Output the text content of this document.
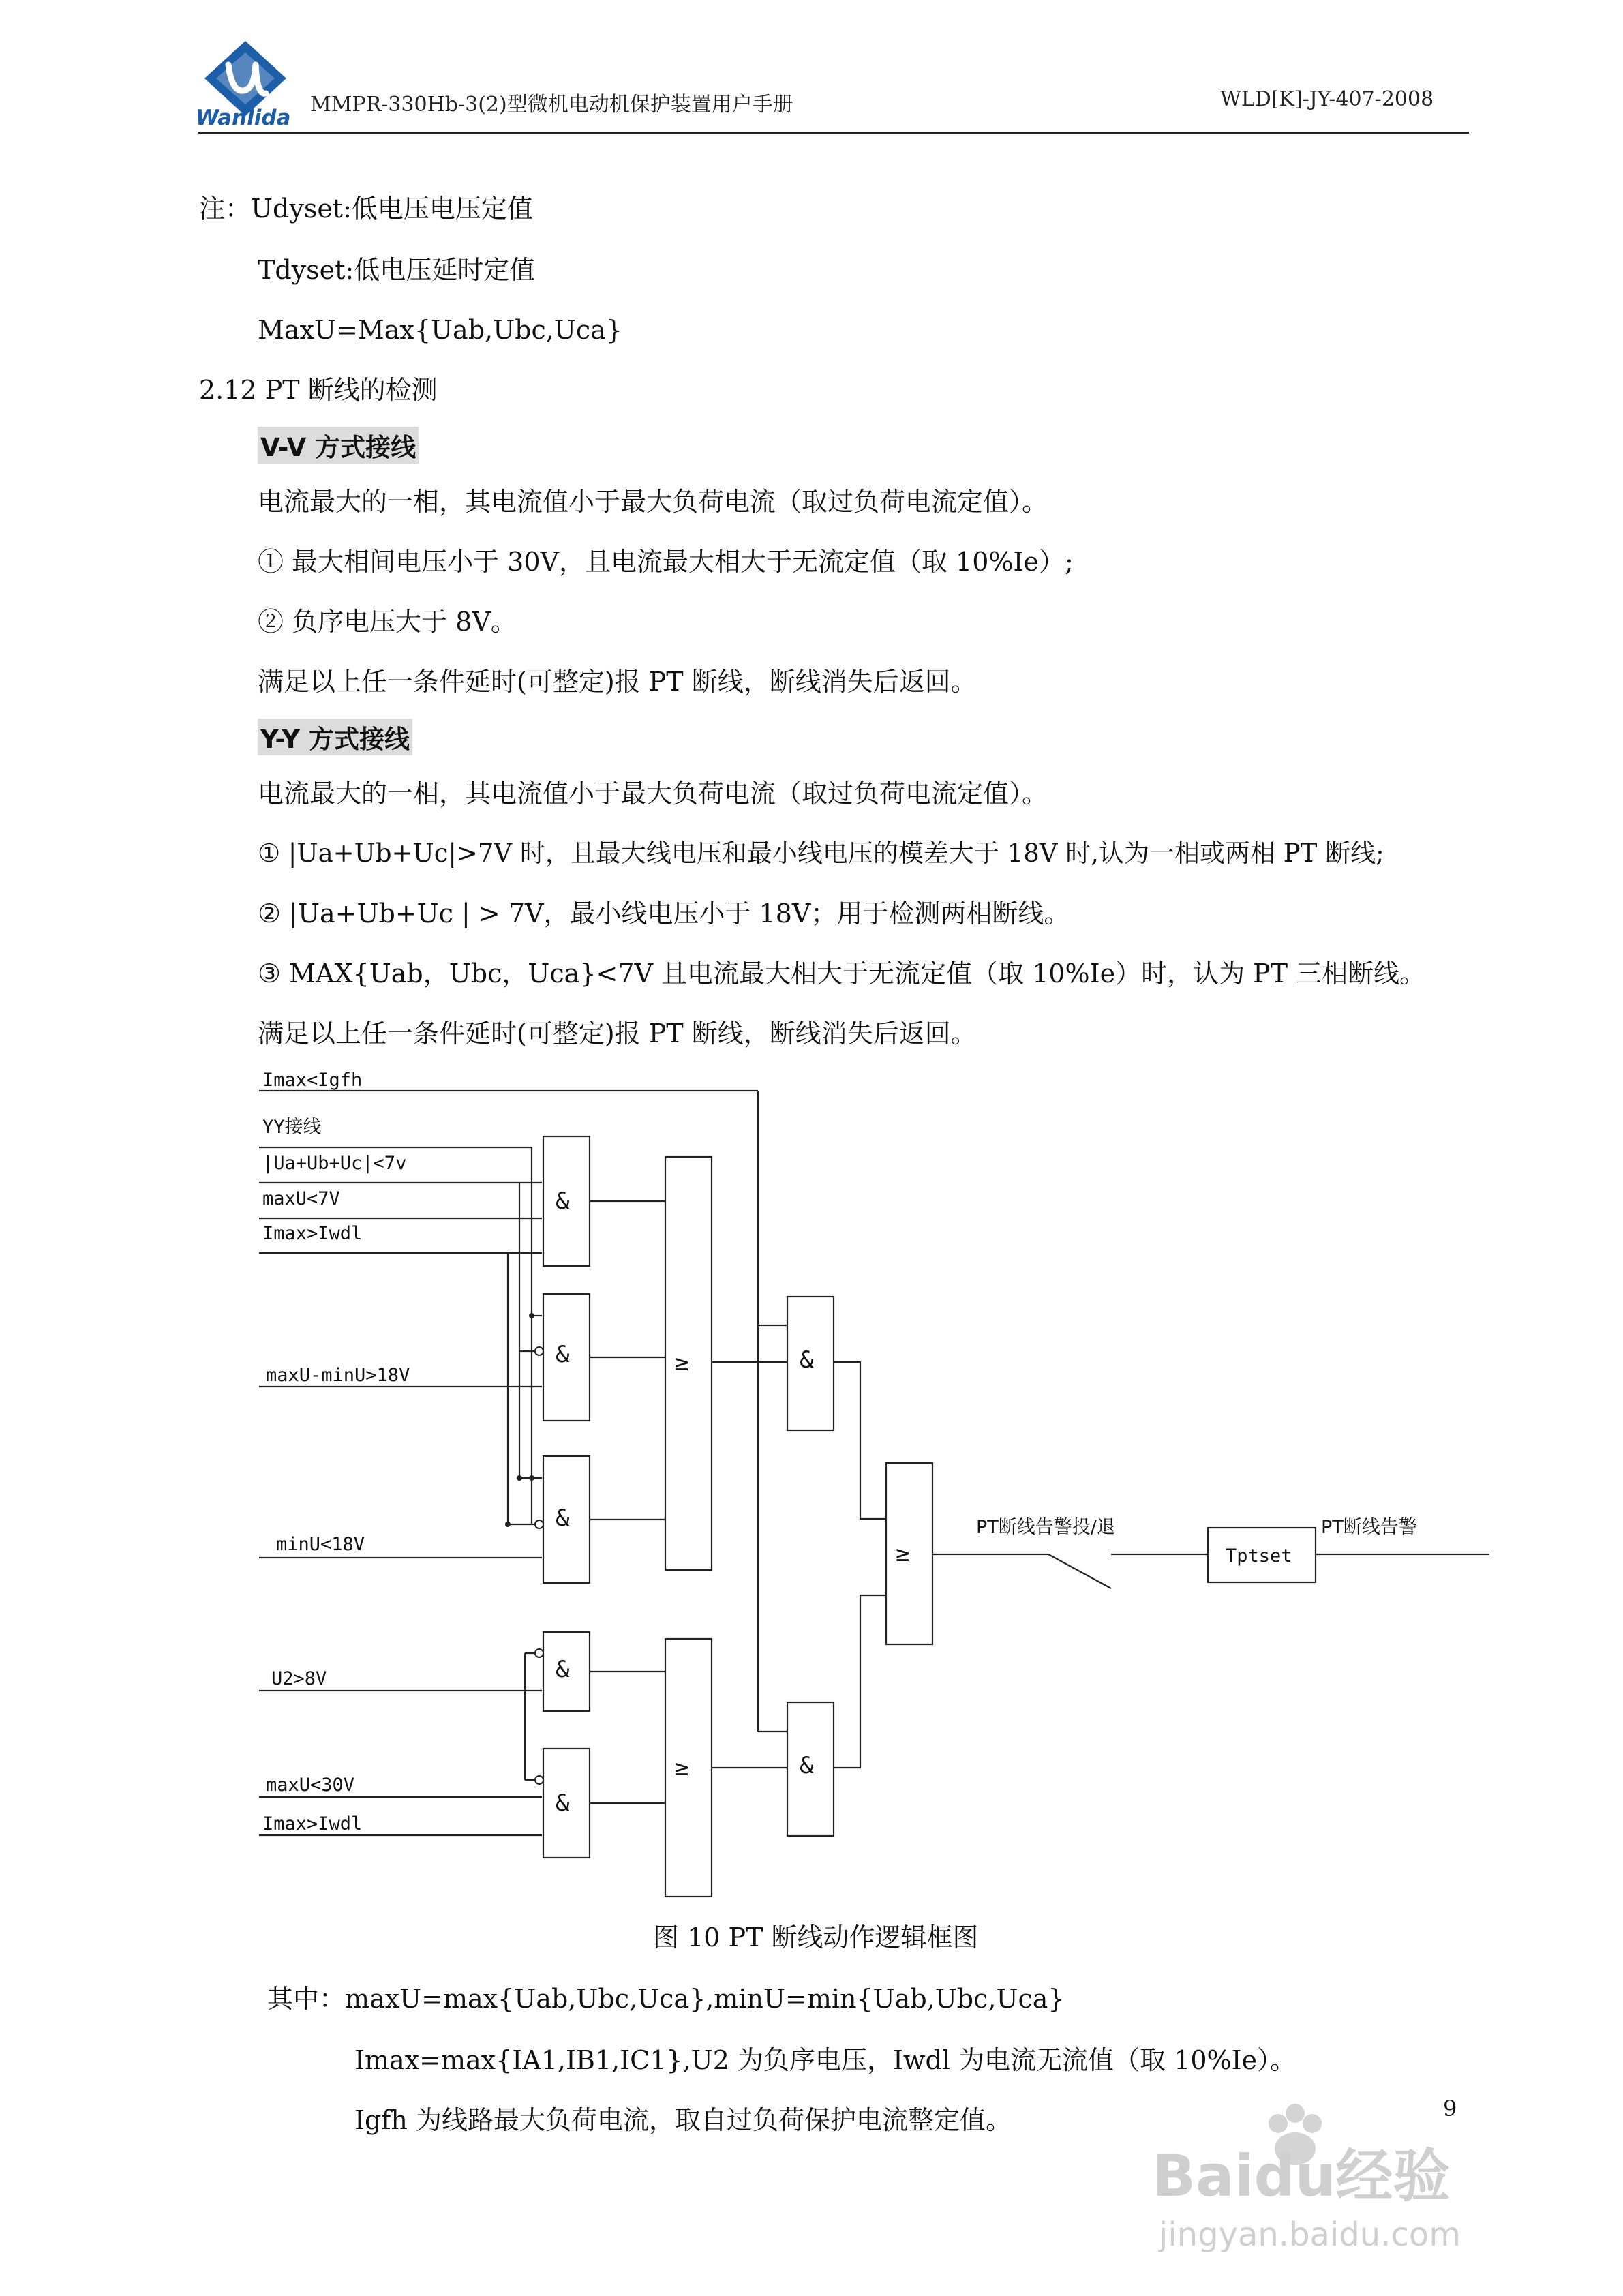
Wanlida
MMPR-330Hb-3(2)型微机电动机保护装置用户手册	WLD[K]-JY-407-2008
注：Udyset:低电压电压定值
Tdyset:低电压延时定值
MaxU=Max{Uab,Ubc,Uca}
2.12 PT 断线的检测
V-V 方式接线
电流最大的一相，其电流值小于最大负荷电流（取过负荷电流定值）。
① 最大相间电压小于 30V，且电流最大相大于无流定值（取 10%Ie）;
② 负序电压大于 8V。
满足以上任一条件延时(可整定)报 PT 断线，断线消失后返回。
Y-Y 方式接线
电流最大的一相，其电流值小于最大负荷电流（取过负荷电流定值）。
① |Ua+Ub+Uc|>7V 时，且最大线电压和最小线电压的模差大于 18V 时,认为一相或两相 PT 断线;
② |Ua+Ub+Uc | > 7V，最小线电压小于 18V；用于检测两相断线。
③ MAX{Uab，Ubc，Uca}<7V 且电流最大相大于无流定值（取 10%Ie）时，认为 PT 三相断线。
满足以上任一条件延时(可整定)报 PT 断线，断线消失后返回。
Imax<Igfh
YY接线
|Ua+Ub+Uc|<7v
maxU<7V
Imax>Iwdl
maxU-minU>18V
minU<18V
U2>8V
maxU<30V
Imax>Iwdl
&
&
&
&
&
≥
≥
&
&
≥
PT断线告警投/退
Tptset
PT断线告警
图 10 PT 断线动作逻辑框图
其中：maxU=max{Uab,Ubc,Uca},minU=min{Uab,Ubc,Uca}
Imax=max{IA1,IB1,IC1},U2 为负序电压，Iwdl 为电流无流值（取 10%Ie）。
Igfh 为线路最大负荷电流，取自过负荷保护电流整定值。	9
Baidu经验
jingyan.baidu.com
